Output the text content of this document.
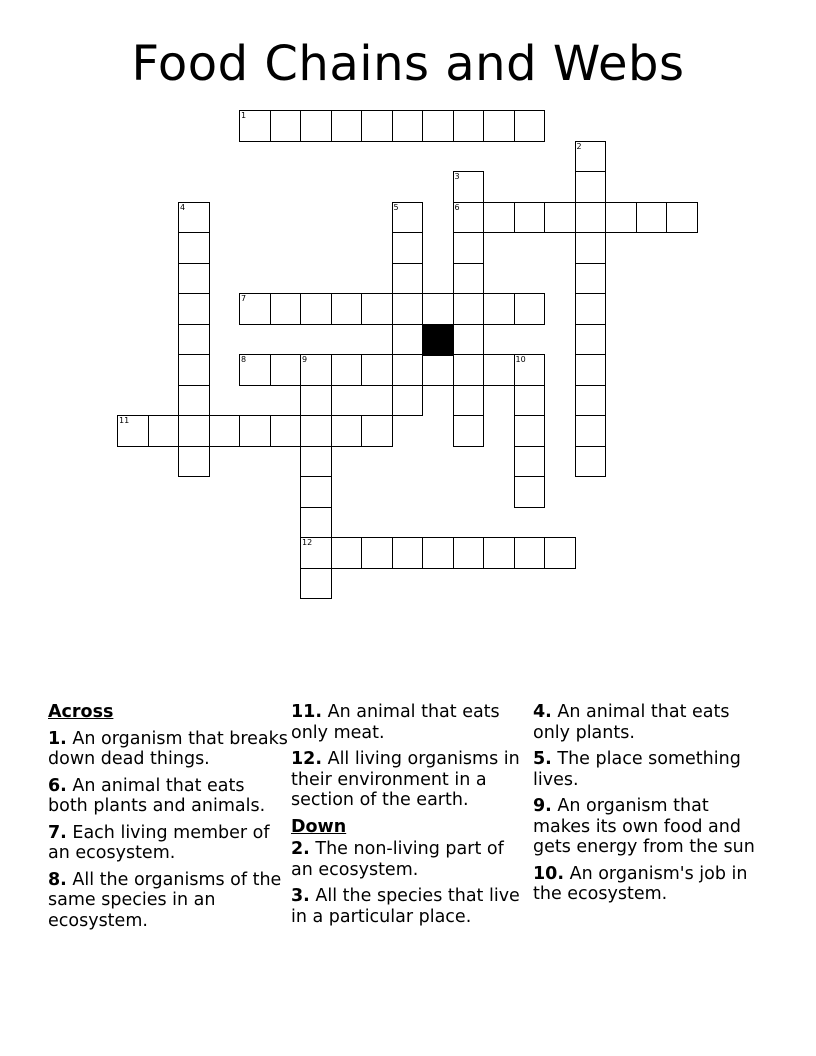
Food Chains and Webs
1
2
3
6
4	5
7
8	9	10
12
11
Across
1. An organism that breaks down dead things.
6. An animal that eats both plants and animals.
7. Each living member of an ecosystem.
8. All the organisms of the same species in an ecosystem.
11. An animal that eats only meat.
12. All living organisms in their environment in a section of the earth.
Down
2. The non-living part of an ecosystem.
3. All the species that live in a particular place.
4. An animal that eats only plants.
5. The place something lives.
9. An organism that makes its own food and gets energy from the sun
10. An organism's job in the ecosystem.
